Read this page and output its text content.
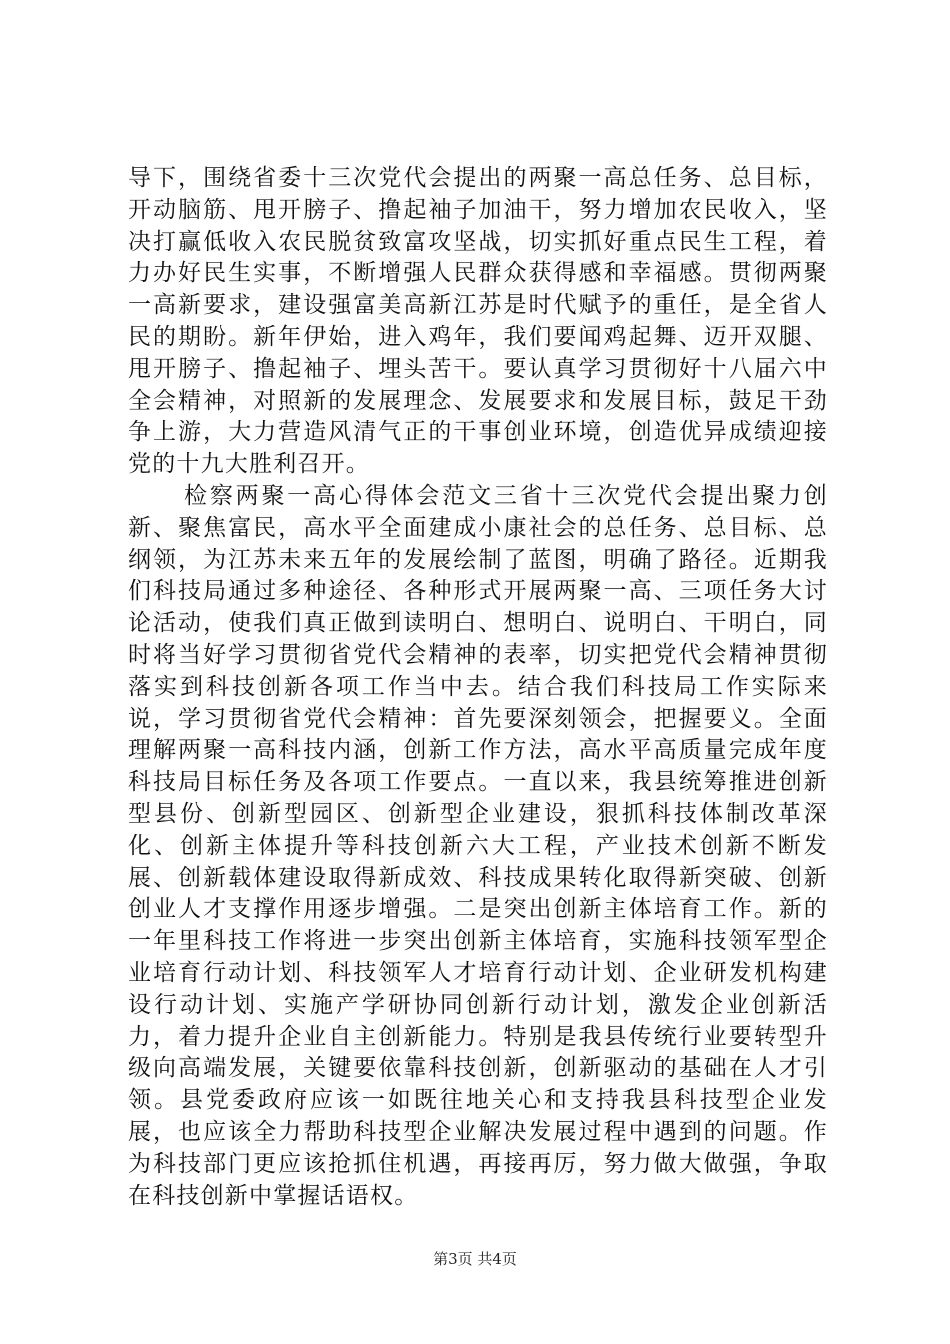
导下，围绕省委十三次党代会提出的两聚一高总任务、总目标，开动脑筋、甩开膀子、撸起袖子加油干，努力增加农民收入，坚决打赢低收入农民脱贫致富攻坚战，切实抓好重点民生工程，着力办好民生实事，不断增强人民群众获得感和幸福感。贯彻两聚一高新要求，建设强富美高新江苏是时代赋予的重任，是全省人民的期盼。新年伊始，进入鸡年，我们要闻鸡起舞、迈开双腿、甩开膀子、撸起袖子、埋头苦干。要认真学习贯彻好十八届六中全会精神，对照新的发展理念、发展要求和发展目标，鼓足干劲争上游，大力营造风清气正的干事创业环境，创造优异成绩迎接党的十九大胜利召开。

检察两聚一高心得体会范文三省十三次党代会提出聚力创新、聚焦富民，高水平全面建成小康社会的总任务、总目标、总纲领，为江苏未来五年的发展绘制了蓝图，明确了路径。近期我们科技局通过多种途径、各种形式开展两聚一高、三项任务大讨论活动，使我们真正做到读明白、想明白、说明白、干明白，同时将当好学习贯彻省党代会精神的表率，切实把党代会精神贯彻落实到科技创新各项工作当中去。结合我们科技局工作实际来说，学习贯彻省党代会精神：首先要深刻领会，把握要义。全面理解两聚一高科技内涵，创新工作方法，高水平高质量完成年度科技局目标任务及各项工作要点。一直以来，我县统筹推进创新型县份、创新型园区、创新型企业建设，狠抓科技体制改革深化、创新主体提升等科技创新六大工程，产业技术创新不断发展、创新载体建设取得新成效、科技成果转化取得新突破、创新创业人才支撑作用逐步增强。二是突出创新主体培育工作。新的一年里科技工作将进一步突出创新主体培育，实施科技领军型企业培育行动计划、科技领军人才培育行动计划、企业研发机构建设行动计划、实施产学研协同创新行动计划，激发企业创新活力，着力提升企业自主创新能力。特别是我县传统行业要转型升级向高端发展，关键要依靠科技创新，创新驱动的基础在人才引领。县党委政府应该一如既往地关心和支持我县科技型企业发展，也应该全力帮助科技型企业解决发展过程中遇到的问题。作为科技部门更应该抢抓住机遇，再接再厉，努力做大做强，争取在科技创新中掌握话语权。

第3页 共4页
